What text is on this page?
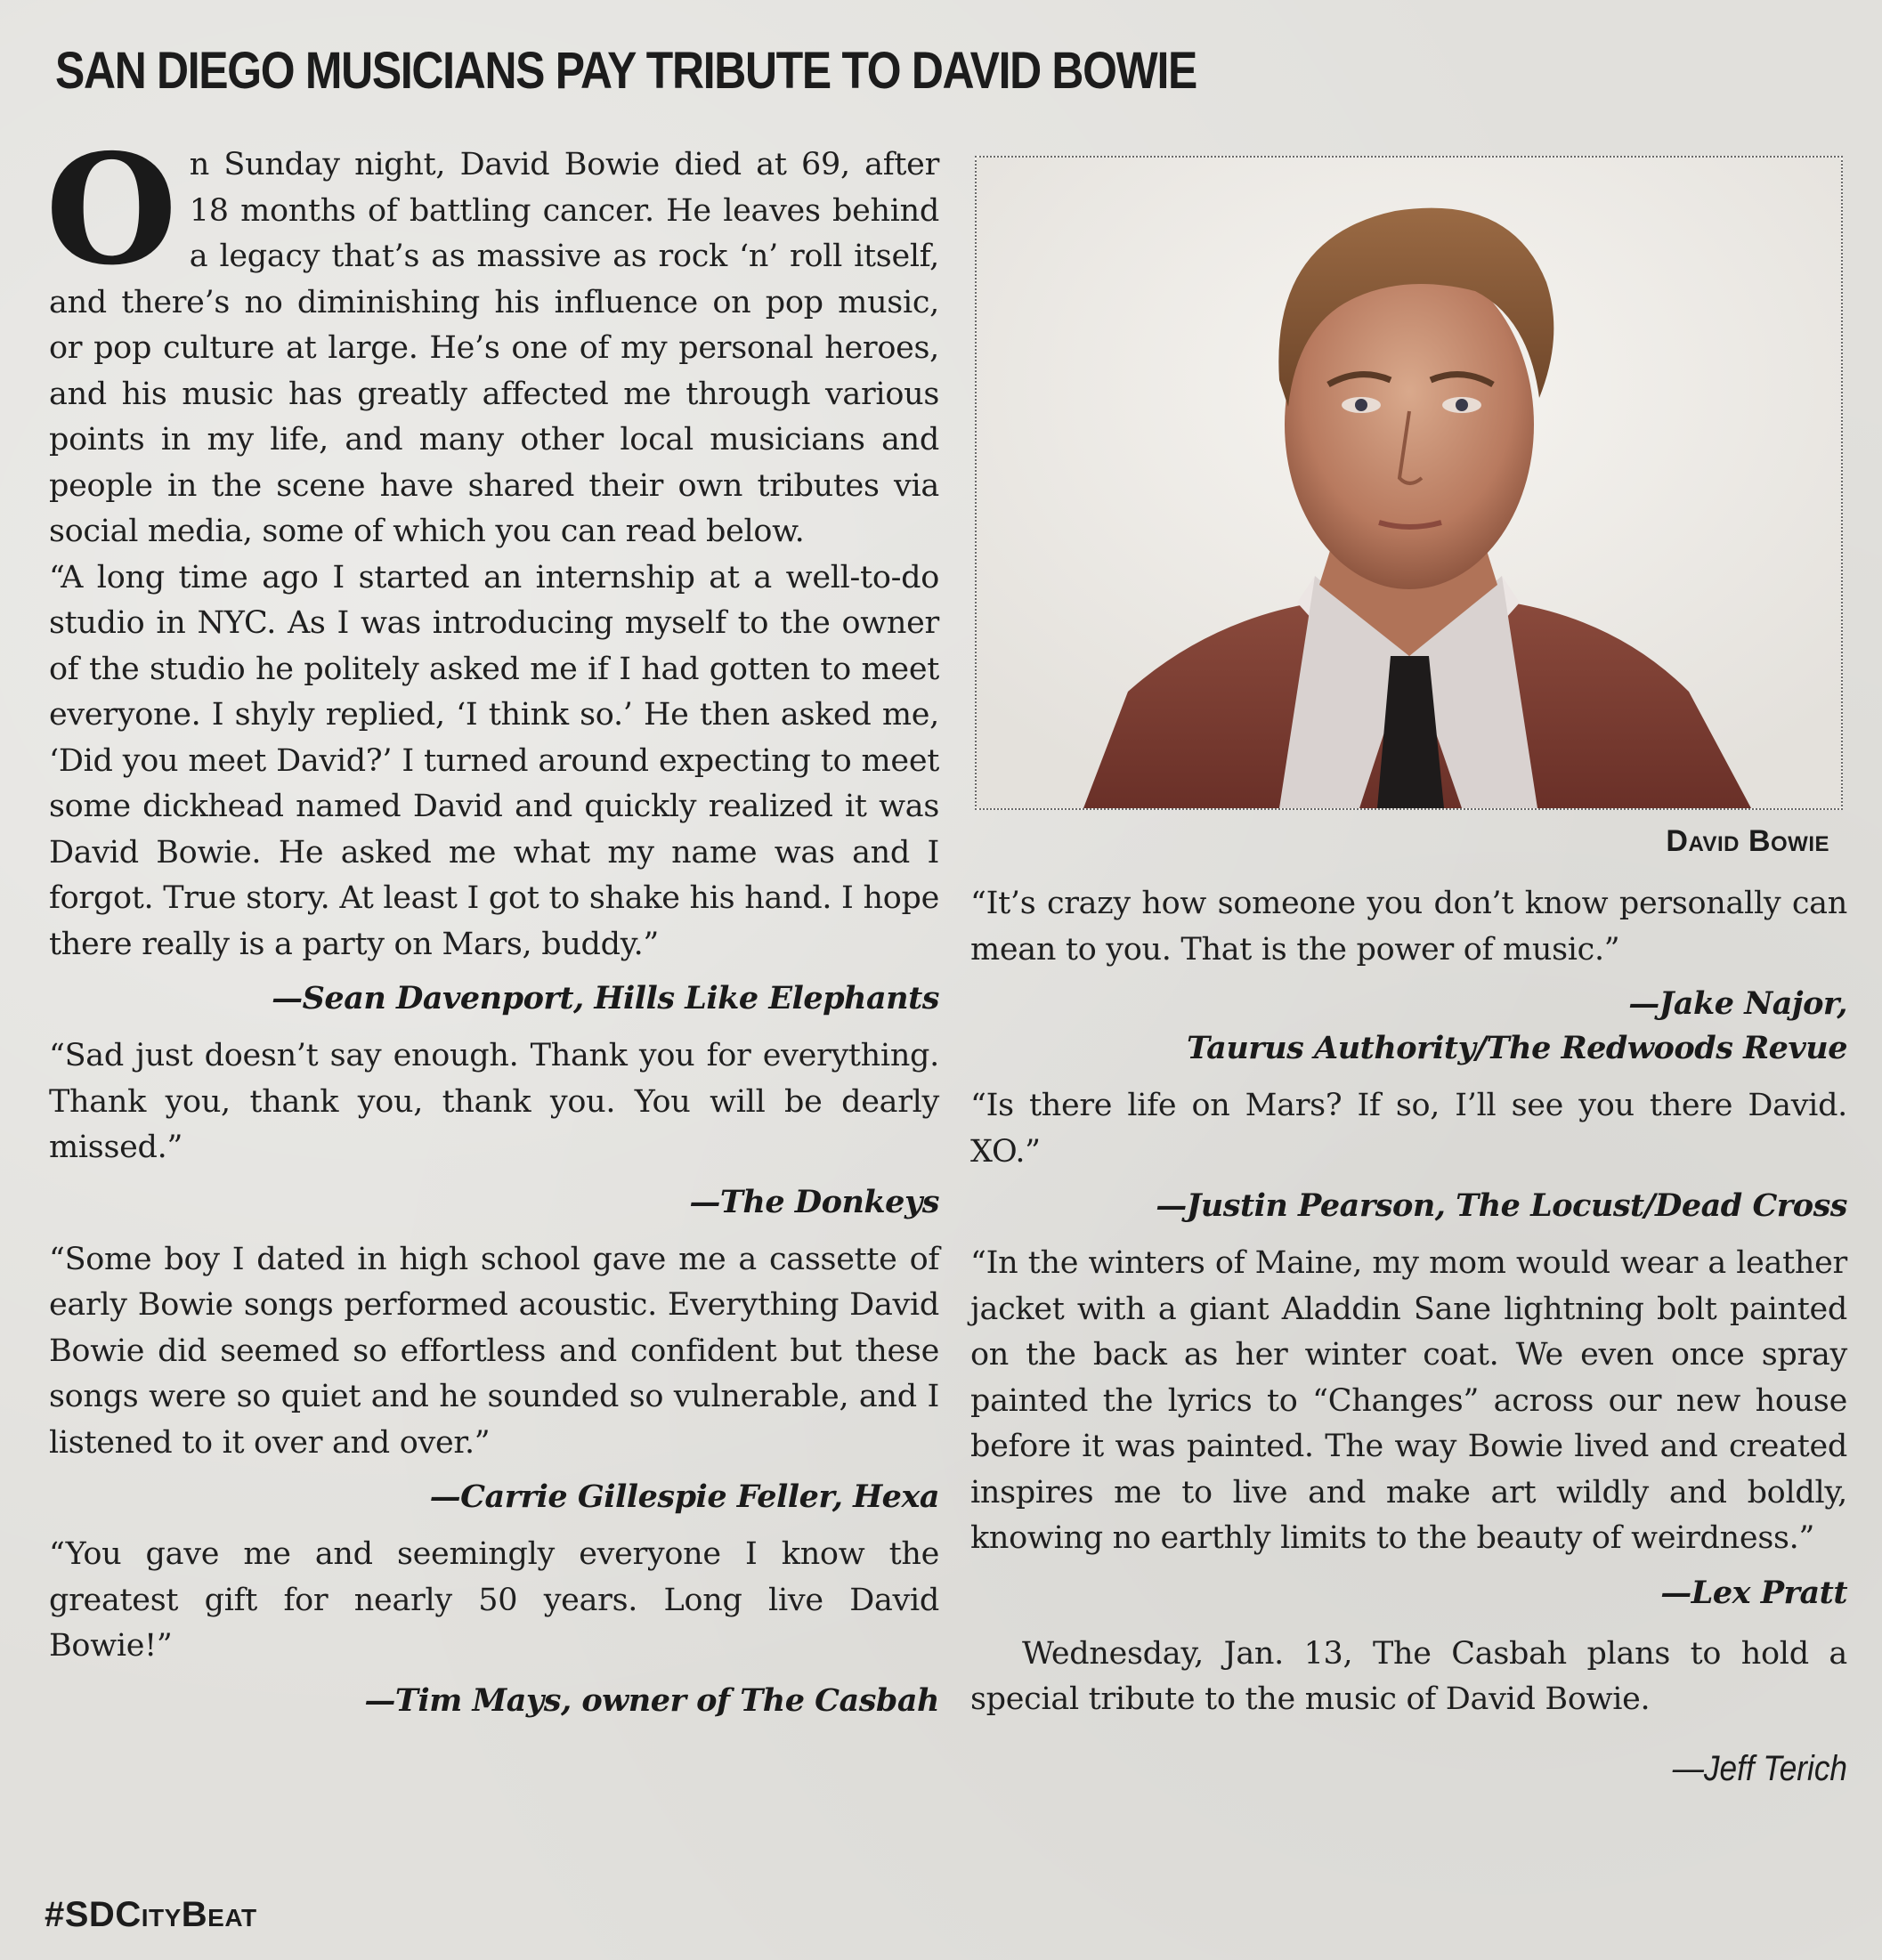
SAN DIEGO MUSICIANS PAY TRIBUTE TO DAVID BOWIE

On Sunday night, David Bowie died at 69, after 18 months of battling cancer. He leaves behind a legacy that’s as massive as rock ‘n’ roll itself, and there’s no diminishing his influence on pop music, or pop culture at large. He’s one of my personal heroes, and his music has greatly affected me through various points in my life, and many other local musicians and people in the scene have shared their own tributes via social media, some of which you can read below.

“A long time ago I started an internship at a well-to-do studio in NYC. As I was introducing myself to the owner of the studio he politely asked me if I had gotten to meet everyone. I shyly replied, ‘I think so.’ He then asked me, ‘Did you meet David?’ I turned around expecting to meet some dickhead named David and quickly realized it was David Bowie. He asked me what my name was and I forgot. True story. At least I got to shake his hand. I hope there really is a party on Mars, buddy.”

—Sean Davenport, Hills Like Elephants

“Sad just doesn’t say enough. Thank you for everything. Thank you, thank you, thank you. You will be dearly missed.”

—The Donkeys

“Some boy I dated in high school gave me a cassette of early Bowie songs performed acoustic. Everything David Bowie did seemed so effortless and confident but these songs were so quiet and he sounded so vulnerable, and I listened to it over and over.”

—Carrie Gillespie Feller, Hexa

“You gave me and seemingly everyone I know the greatest gift for nearly 50 years. Long live David Bowie!”

—Tim Mays, owner of The Casbah
David Bowie

“It’s crazy how someone you don’t know personally can mean to you. That is the power of music.”

—Jake Najor,
Taurus Authority/The Redwoods Revue

“Is there life on Mars? If so, I’ll see you there David. XO.”

—Justin Pearson, The Locust/Dead Cross

“In the winters of Maine, my mom would wear a leather jacket with a giant Aladdin Sane lightning bolt painted on the back as her winter coat. We even once spray painted the lyrics to “Changes” across our new house before it was painted. The way Bowie lived and created inspires me to live and make art wildly and boldly, knowing no earthly limits to the beauty of weirdness.”

—Lex Pratt

Wednesday, Jan. 13, The Casbah plans to hold a special tribute to the music of David Bowie.

—Jeff Terich
#SDCityBeat
